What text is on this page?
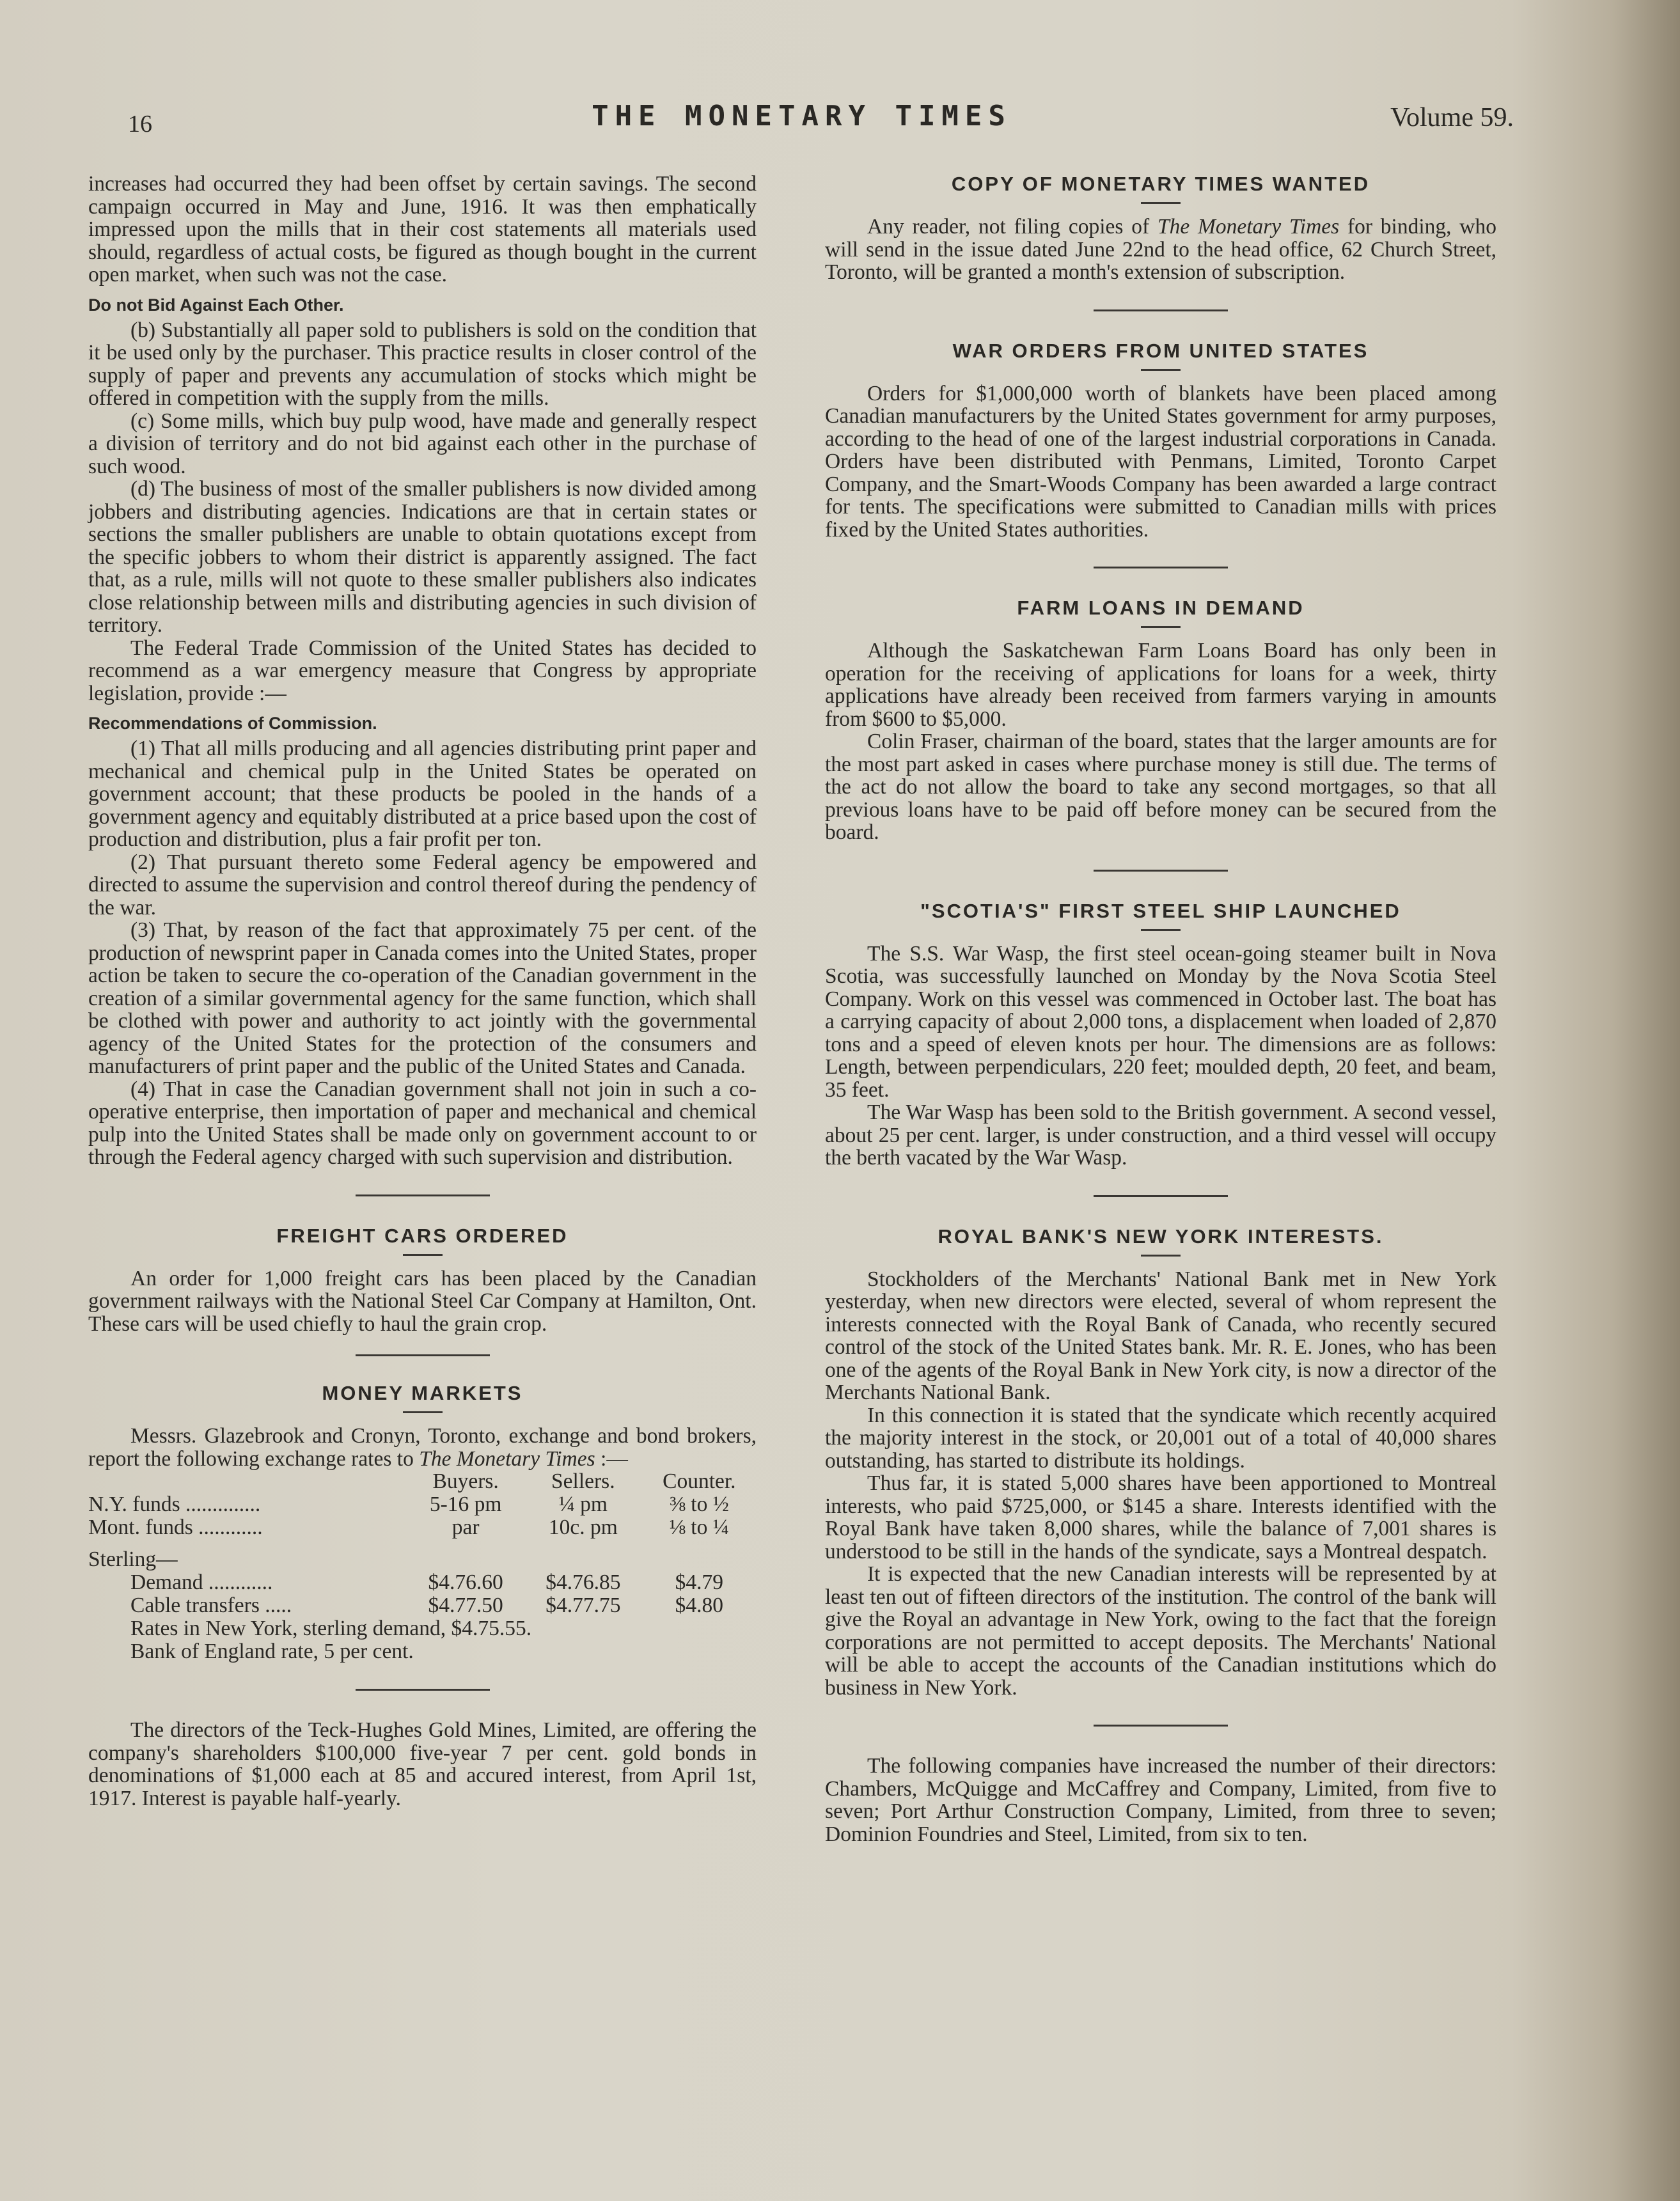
16	THE MONETARY TIMES	Volume 59.

increases had occurred they had been offset by certain savings. The second campaign occurred in May and June, 1916. It was then emphatically impressed upon the mills that in their cost statements all materials used should, regardless of actual costs, be figured as though bought in the current open market, when such was not the case.

Do not Bid Against Each Other.

(b) Substantially all paper sold to publishers is sold on the condition that it be used only by the purchaser. This practice results in closer control of the supply of paper and prevents any accumulation of stocks which might be offered in competition with the supply from the mills.

(c) Some mills, which buy pulp wood, have made and generally respect a division of territory and do not bid against each other in the purchase of such wood.

(d) The business of most of the smaller publishers is now divided among jobbers and distributing agencies. Indications are that in certain states or sections the smaller publishers are unable to obtain quotations except from the specific jobbers to whom their district is apparently assigned. The fact that, as a rule, mills will not quote to these smaller publishers also indicates close relationship between mills and distributing agencies in such division of territory.

The Federal Trade Commission of the United States has decided to recommend as a war emergency measure that Congress by appropriate legislation, provide :—

Recommendations of Commission.

(1) That all mills producing and all agencies distributing print paper and mechanical and chemical pulp in the United States be operated on government account; that these products be pooled in the hands of a government agency and equitably distributed at a price based upon the cost of production and distribution, plus a fair profit per ton.

(2) That pursuant thereto some Federal agency be empowered and directed to assume the supervision and control thereof during the pendency of the war.

(3) That, by reason of the fact that approximately 75 per cent. of the production of newsprint paper in Canada comes into the United States, proper action be taken to secure the co-operation of the Canadian government in the creation of a similar governmental agency for the same function, which shall be clothed with power and authority to act jointly with the governmental agency of the United States for the protection of the consumers and manufacturers of print paper and the public of the United States and Canada.

(4) That in case the Canadian government shall not join in such a co-operative enterprise, then importation of paper and mechanical and chemical pulp into the United States shall be made only on government account to or through the Federal agency charged with such supervision and distribution.

FREIGHT CARS ORDERED

An order for 1,000 freight cars has been placed by the Canadian government railways with the National Steel Car Company at Hamilton, Ont. These cars will be used chiefly to haul the grain crop.

MONEY MARKETS

Messrs. Glazebrook and Cronyn, Toronto, exchange and bond brokers, report the following exchange rates to The Monetary Times :—

	Buyers.	Sellers.	Counter.
N.Y. funds ..............	5-16 pm	¼ pm	⅜ to ½
Mont. funds ............	par	10c. pm	⅛ to ¼
Sterling—			
Demand ............	$4.76.60	$4.76.85	$4.79
Cable transfers .....	$4.77.50	$4.77.75	$4.80
Rates in New York, sterling demand, $4.75.55.			
Bank of England rate, 5 per cent.			

The directors of the Teck-Hughes Gold Mines, Limited, are offering the company's shareholders $100,000 five-year 7 per cent. gold bonds in denominations of $1,000 each at 85 and accured interest, from April 1st, 1917. Interest is payable half-yearly.

COPY OF MONETARY TIMES WANTED

Any reader, not filing copies of The Monetary Times for binding, who will send in the issue dated June 22nd to the head office, 62 Church Street, Toronto, will be granted a month's extension of subscription.

WAR ORDERS FROM UNITED STATES

Orders for $1,000,000 worth of blankets have been placed among Canadian manufacturers by the United States government for army purposes, according to the head of one of the largest industrial corporations in Canada. Orders have been distributed with Penmans, Limited, Toronto Carpet Company, and the Smart-Woods Company has been awarded a large contract for tents. The specifications were submitted to Canadian mills with prices fixed by the United States authorities.

FARM LOANS IN DEMAND

Although the Saskatchewan Farm Loans Board has only been in operation for the receiving of applications for loans for a week, thirty applications have already been received from farmers varying in amounts from $600 to $5,000.

Colin Fraser, chairman of the board, states that the larger amounts are for the most part asked in cases where purchase money is still due. The terms of the act do not allow the board to take any second mortgages, so that all previous loans have to be paid off before money can be secured from the board.

"SCOTIA'S" FIRST STEEL SHIP LAUNCHED

The S.S. War Wasp, the first steel ocean-going steamer built in Nova Scotia, was successfully launched on Monday by the Nova Scotia Steel Company. Work on this vessel was commenced in October last. The boat has a carrying capacity of about 2,000 tons, a displacement when loaded of 2,870 tons and a speed of eleven knots per hour. The dimensions are as follows: Length, between perpendiculars, 220 feet; moulded depth, 20 feet, and beam, 35 feet.

The War Wasp has been sold to the British government. A second vessel, about 25 per cent. larger, is under construction, and a third vessel will occupy the berth vacated by the War Wasp.

ROYAL BANK'S NEW YORK INTERESTS.

Stockholders of the Merchants' National Bank met in New York yesterday, when new directors were elected, several of whom represent the interests connected with the Royal Bank of Canada, who recently secured control of the stock of the United States bank. Mr. R. E. Jones, who has been one of the agents of the Royal Bank in New York city, is now a director of the Merchants National Bank.

In this connection it is stated that the syndicate which recently acquired the majority interest in the stock, or 20,001 out of a total of 40,000 shares outstanding, has started to distribute its holdings.

Thus far, it is stated 5,000 shares have been apportioned to Montreal interests, who paid $725,000, or $145 a share. Interests identified with the Royal Bank have taken 8,000 shares, while the balance of 7,001 shares is understood to be still in the hands of the syndicate, says a Montreal despatch.

It is expected that the new Canadian interests will be represented by at least ten out of fifteen directors of the institution. The control of the bank will give the Royal an advantage in New York, owing to the fact that the foreign corporations are not permitted to accept deposits. The Merchants' National will be able to accept the accounts of the Canadian institutions which do business in New York.

The following companies have increased the number of their directors: Chambers, McQuigge and McCaffrey and Company, Limited, from five to seven; Port Arthur Construction Company, Limited, from three to seven; Dominion Foundries and Steel, Limited, from six to ten.
